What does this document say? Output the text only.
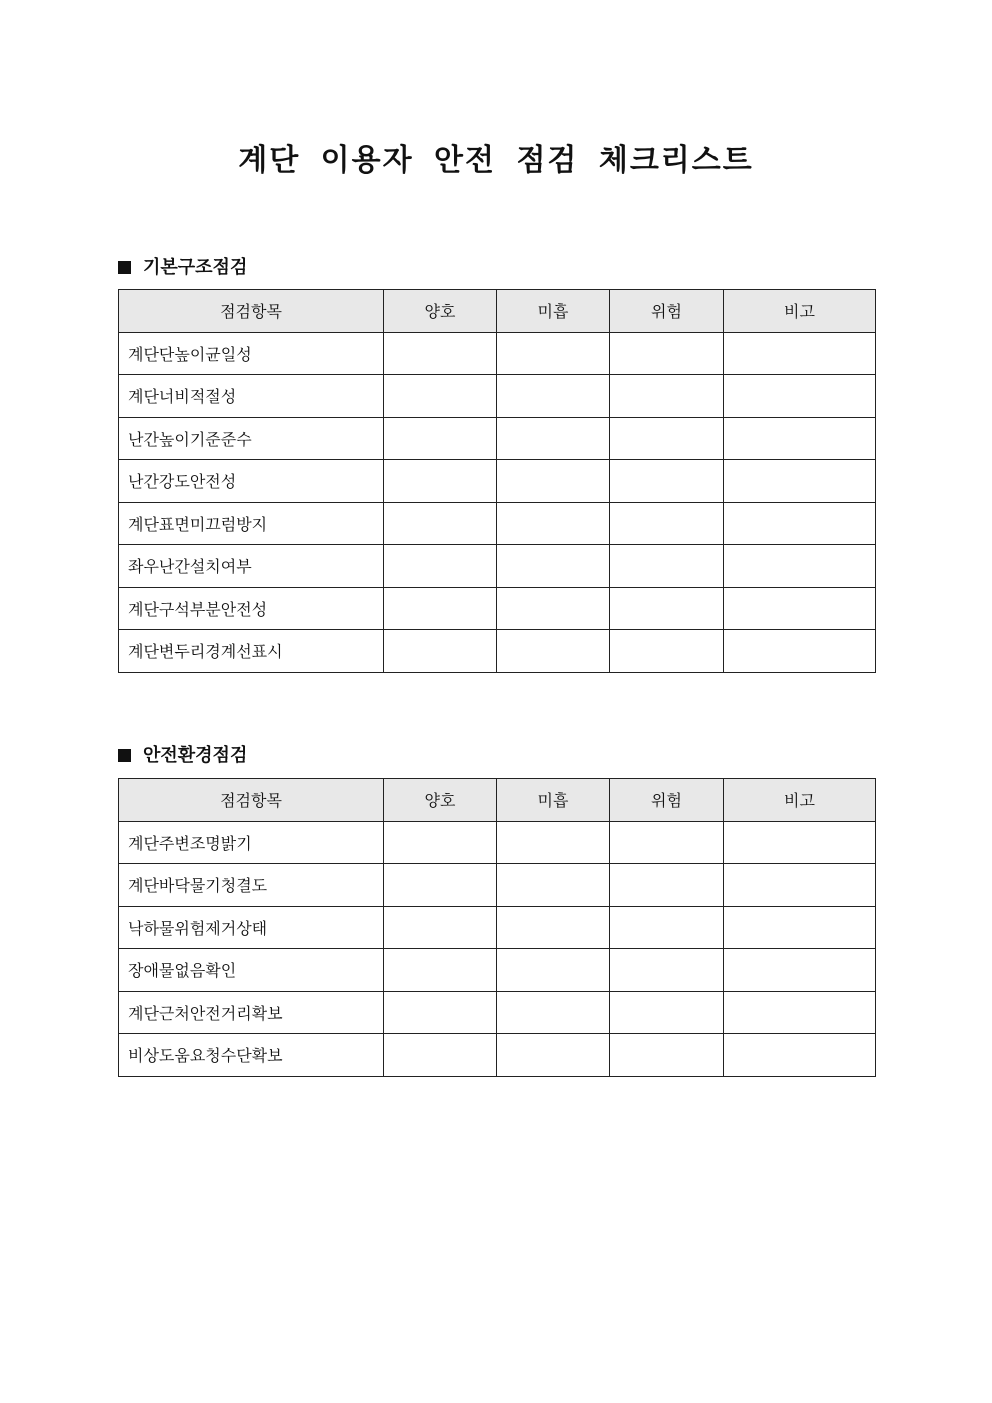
계단 이용자 안전 점검 체크리스트
기본구조점검
점검항목	양호	미흡	위험	비고
계단단높이균일성				
계단너비적절성				
난간높이기준준수				
난간강도안전성				
계단표면미끄럼방지				
좌우난간설치여부				
계단구석부분안전성				
계단변두리경계선표시				
안전환경점검
점검항목	양호	미흡	위험	비고
계단주변조명밝기				
계단바닥물기청결도				
낙하물위험제거상태				
장애물없음확인				
계단근처안전거리확보				
비상도움요청수단확보				
